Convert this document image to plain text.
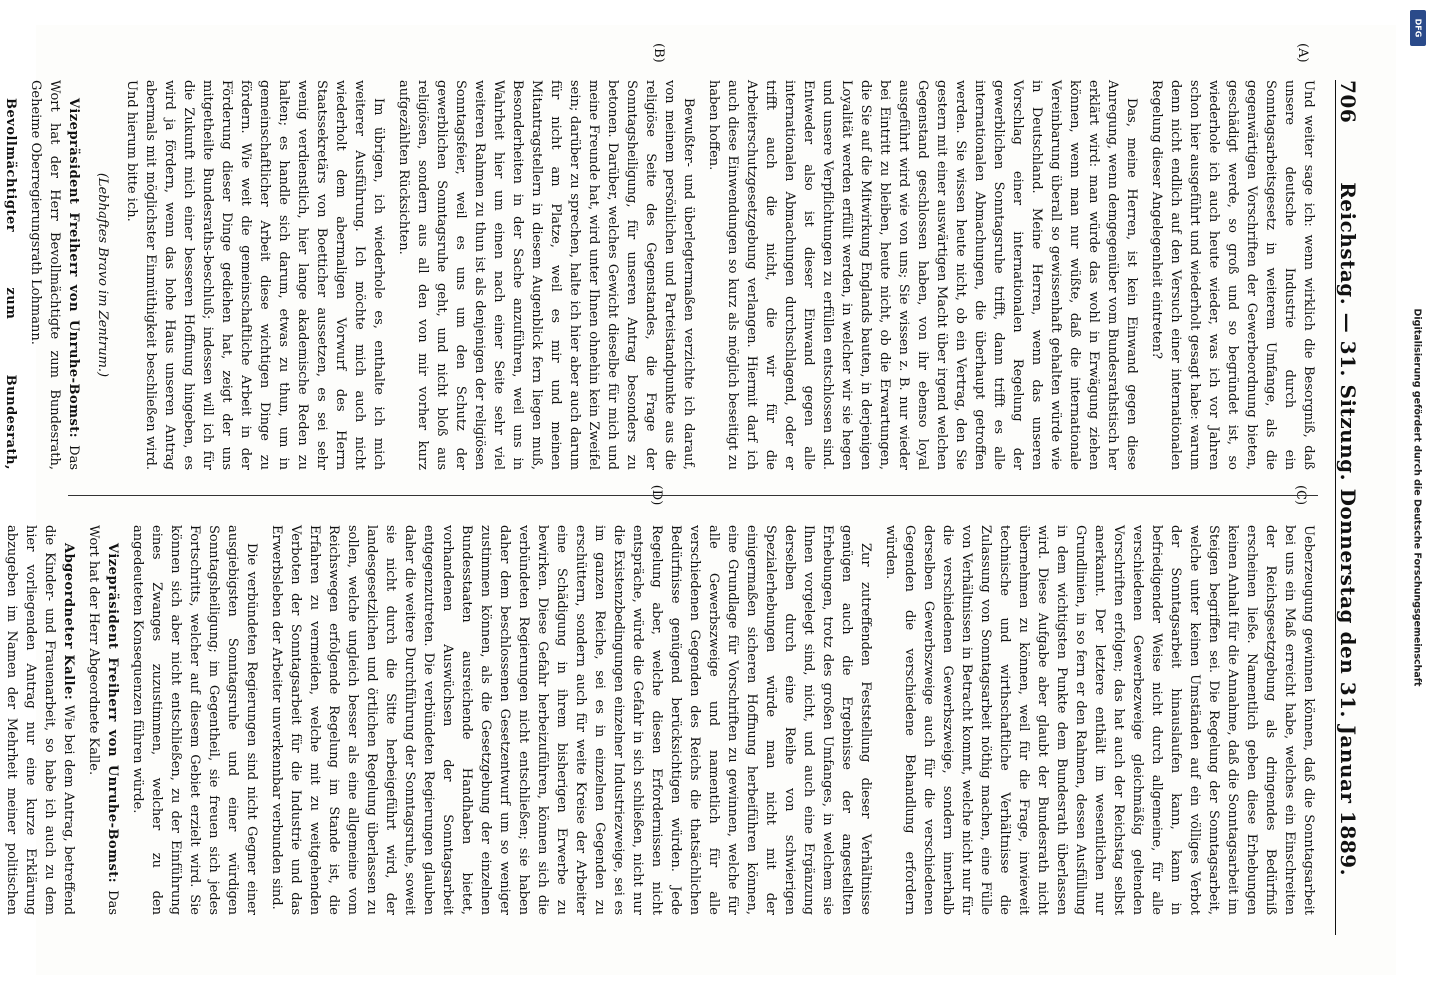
706
Reichstag. — 31. Sitzung. Donnerstag den 31. Januar 1889.
(A)
(B)
(C)
(D)

Und weiter sage ich: wenn wirklich die Besorgniß, daß unsere deutsche Industrie durch ein Sonntagsarbeitsgesetz in weiterem Umfange, als die gegenwärtigen Vorschriften der Gewerbeordnung bieten, geschädigt werde, so groß und so begründet ist, so wiederhole ich auch heute wieder, was ich vor Jahren schon hier ausgeführt und wiederholt gesagt habe: warum denn nicht endlich auf den Versuch einer internationalen Regelung dieser Angelegenheit eintreten?

Das, meine Herren, ist kein Einwand gegen diese Anregung, wenn demgegenüber vom Bundesrathstisch her erklärt wird: man würde das wohl in Erwägung ziehen können, wenn man nur wüßte, daß die internationale Vereinbarung überall so gewissenhaft gehalten würde wie in Deutschland. Meine Herren, wenn das unseren Vorschlag einer internationalen Regelung der gewerblichen Sonntagsruhe trifft, dann trifft es alle internationalen Abmachungen, die überhaupt getroffen werden. Sie wissen heute nicht, ob ein Vertrag, den Sie gestern mit einer auswärtigen Macht über irgend welchen Gegenstand geschlossen haben, von ihr ebenso loyal ausgeführt wird wie von uns; Sie wissen z. B. nur wieder bei Eintritt zu bleiben, heute nicht, ob die Erwartungen, die Sie auf die Mitwirkung Englands bauten, in derjenigen Loyalität werden erfüllt werden, in welcher wir sie hegen und unsere Verpflichtungen zu erfüllen entschlossen sind. Entweder also ist dieser Einwand gegen alle internationalen Abmachungen durchschlagend, oder er trifft auch die nicht, die wir für die Arbeiterschutzgesetzgebung verlangen. Hiermit darf ich auch diese Einwendungen so kurz als möglich beseitigt zu haben hoffen.

Bewußter- und überlegtermaßen verzichte ich darauf, von meinem persönlichen und Parteistandpunkte aus die religiöse Seite des Gegenstandes, die Frage der Sonntagsheiligung, für unseren Antrag besonders zu betonen. Darüber, welches Gewicht dieselbe für mich und meine Freunde hat, wird unter Ihnen ohnehin kein Zweifel sein; darüber zu sprechen, halte ich hier aber auch darum für nicht am Platze, weil es mir und meinen Mitantragstellern in diesem Augenblick fern liegen muß, Besonderheiten in der Sache anzuführen, weil uns in Wahrheit hier um einen nach einer Seite sehr viel weiteren Rahmen zu thun ist als denjenigen der religiösen Sonntagsfeier, weil es uns um den Schutz der gewerblichen Sonntagsruhe geht, und nicht bloß aus religiösen, sondern aus all den von mir vorher kurz aufgezählten Rücksichten.

Im übrigen, ich wiederhole es, enthalte ich mich weiterer Ausführung. Ich möchte mich auch nicht wiederholt dem abermaligen Vorwurf des Herrn Staatssekretärs von Boetticher aussetzen, es sei sehr wenig verdienstlich, hier lange akademische Reden zu halten; es handle sich darum, etwas zu thun, um in gemeinschaftlicher Arbeit diese wichtigen Dinge zu fördern. Wie weit die gemeinschaftliche Arbeit in der Förderung dieser Dinge gediehen hat, zeigt der uns mitgetheilte Bundesraths-beschluß; indessen will ich für die Zukunft mich einer besseren Hoffnung hingeben, es wird ja fördern, wenn das hohe Haus unseren Antrag abermals mit möglichster Einmüthigkeit beschließen wird. Und hierum bitte ich.

(Lebhaftes Bravo im Zentrum.)

Vizepräsident Freiherr von Unruhe-Bomst: Das Wort hat der Herr Bevollmächtigte zum Bundesrath, Geheime Oberregierungsrath Lohmann.

Bevollmächtigter zum Bundesrath,

Ueberzeugung gewinnen können, daß die Sonntagsarbeit bei uns ein Maß erreicht habe, welches ein Einschreiten der Reichsgesetzgebung als dringendes Bedürfniß erscheinen ließe. Namentlich geben diese Erhebungen keinen Anhalt für die Annahme, daß die Sonntagsarbeit im Steigen begriffen sei. Die Regelung der Sonntagsarbeit, welche unter keinen Umständen auf ein völliges Verbot der Sonntagsarbeit hinauslaufen kann, kann in befriedigender Weise nicht durch allgemeine, für alle verschiedenen Gewerbezweige gleichmäßig geltenden Vorschriften erfolgen; das hat auch der Reichstag selbst anerkannt. Der letztere enthält im wesentlichen nur Grundlinien, in so fern er den Rahmen, dessen Ausfüllung in dem wichtigsten Punkte dem Bundesrath überlassen wird. Diese Aufgabe aber glaubt der Bundesrath nicht übernehmen zu können, weil für die Frage, inwieweit technische und wirthschaftliche Verhältnisse die Zulassung von Sonntagsarbeit nöthig machen, eine Fülle von Verhältnissen in Betracht kommt, welche nicht nur für die verschiedenen Gewerbszweige, sondern innerhalb derselben Gewerbszweige auch für die verschiedenen Gegenden die verschiedene Behandlung erfordern würden.

Zur zutreffenden Feststellung dieser Verhältnisse genügen auch die Ergebnisse der angestellten Erhebungen, trotz des großen Umfanges, in welchem sie Ihnen vorgelegt sind, nicht, und auch eine Ergänzung derselben durch eine Reihe von schwierigen Spezialerhebungen würde man nicht mit der einigermaßen sicheren Hoffnung herbeiführen können, eine Grundlage für Vorschriften zu gewinnen, welche für alle Gewerbszweige und namentlich für alle verschiedenen Gegenden des Reichs die thatsächlichen Bedürfnisse genügend berücksichtigen würden. Jede Regelung aber, welche diesen Erfordernissen nicht entspräche, würde die Gefahr in sich schließen, nicht nur die Existenzbedingungen einzelner Industriezweige, sei es im ganzen Reiche, sei es in einzelnen Gegenden zu erschüttern, sondern auch für weite Kreise der Arbeiter eine Schädigung in ihrem bisherigen Erwerbe zu bewirken. Diese Gefahr herbeizuführen, können sich die verbündeten Regierungen nicht entschließen; sie haben daher dem beschlossenen Gesetzentwurf um so weniger zustimmen können, als die Gesetzgebung der einzelnen Bundesstaaten ausreichende Handhaben bietet, vorhandenen Auswüchsen der Sonntagsarbeit entgegenzutreten. Die verbündeten Regierungen glauben daher die weitere Durchführung der Sonntagsruhe, soweit sie nicht durch die Sitte herbeigeführt wird, der landesgesetzlichen und örtlichen Regelung überlassen zu sollen, welche ungleich besser als eine allgemeine vom Reichswegen erfolgende Regelung im Stande ist, die Erfahren zu vermeiden, welche mit zu weitgehenden Verboten der Sonntagsarbeit für die Industrie und das Erwerbsleben der Arbeiter unverkennbar verbunden sind.

Die verbündeten Regierungen sind nicht Gegner einer ausgiebigsten Sonntagsruhe und einer würdigen Sonntagsheiligung; im Gegentheil, sie freuen sich jedes Fortschritts, welcher auf diesem Gebiet erzielt wird. Sie können sich aber nicht entschließen, zu der Einführung eines Zwanges zuzustimmen, welcher zu den angedeuteten Konsequenzen führen würde.

Vizepräsident Freiherr von Unruhe-Bomst: Das Wort hat der Herr Abgeordnete Kalle.

Abgeordneter Kalle: Wie bei dem Antrag, betreffend die Kinder- und Frauenarbeit, so habe ich auch zu dem hier vorliegenden Antrag nur eine kurze Erklärung abzugeben im Namen der Mehrheit meiner politischen

Digitalisierung gefördert durch die Deutsche Forschungsgemeinschaft
DFG
